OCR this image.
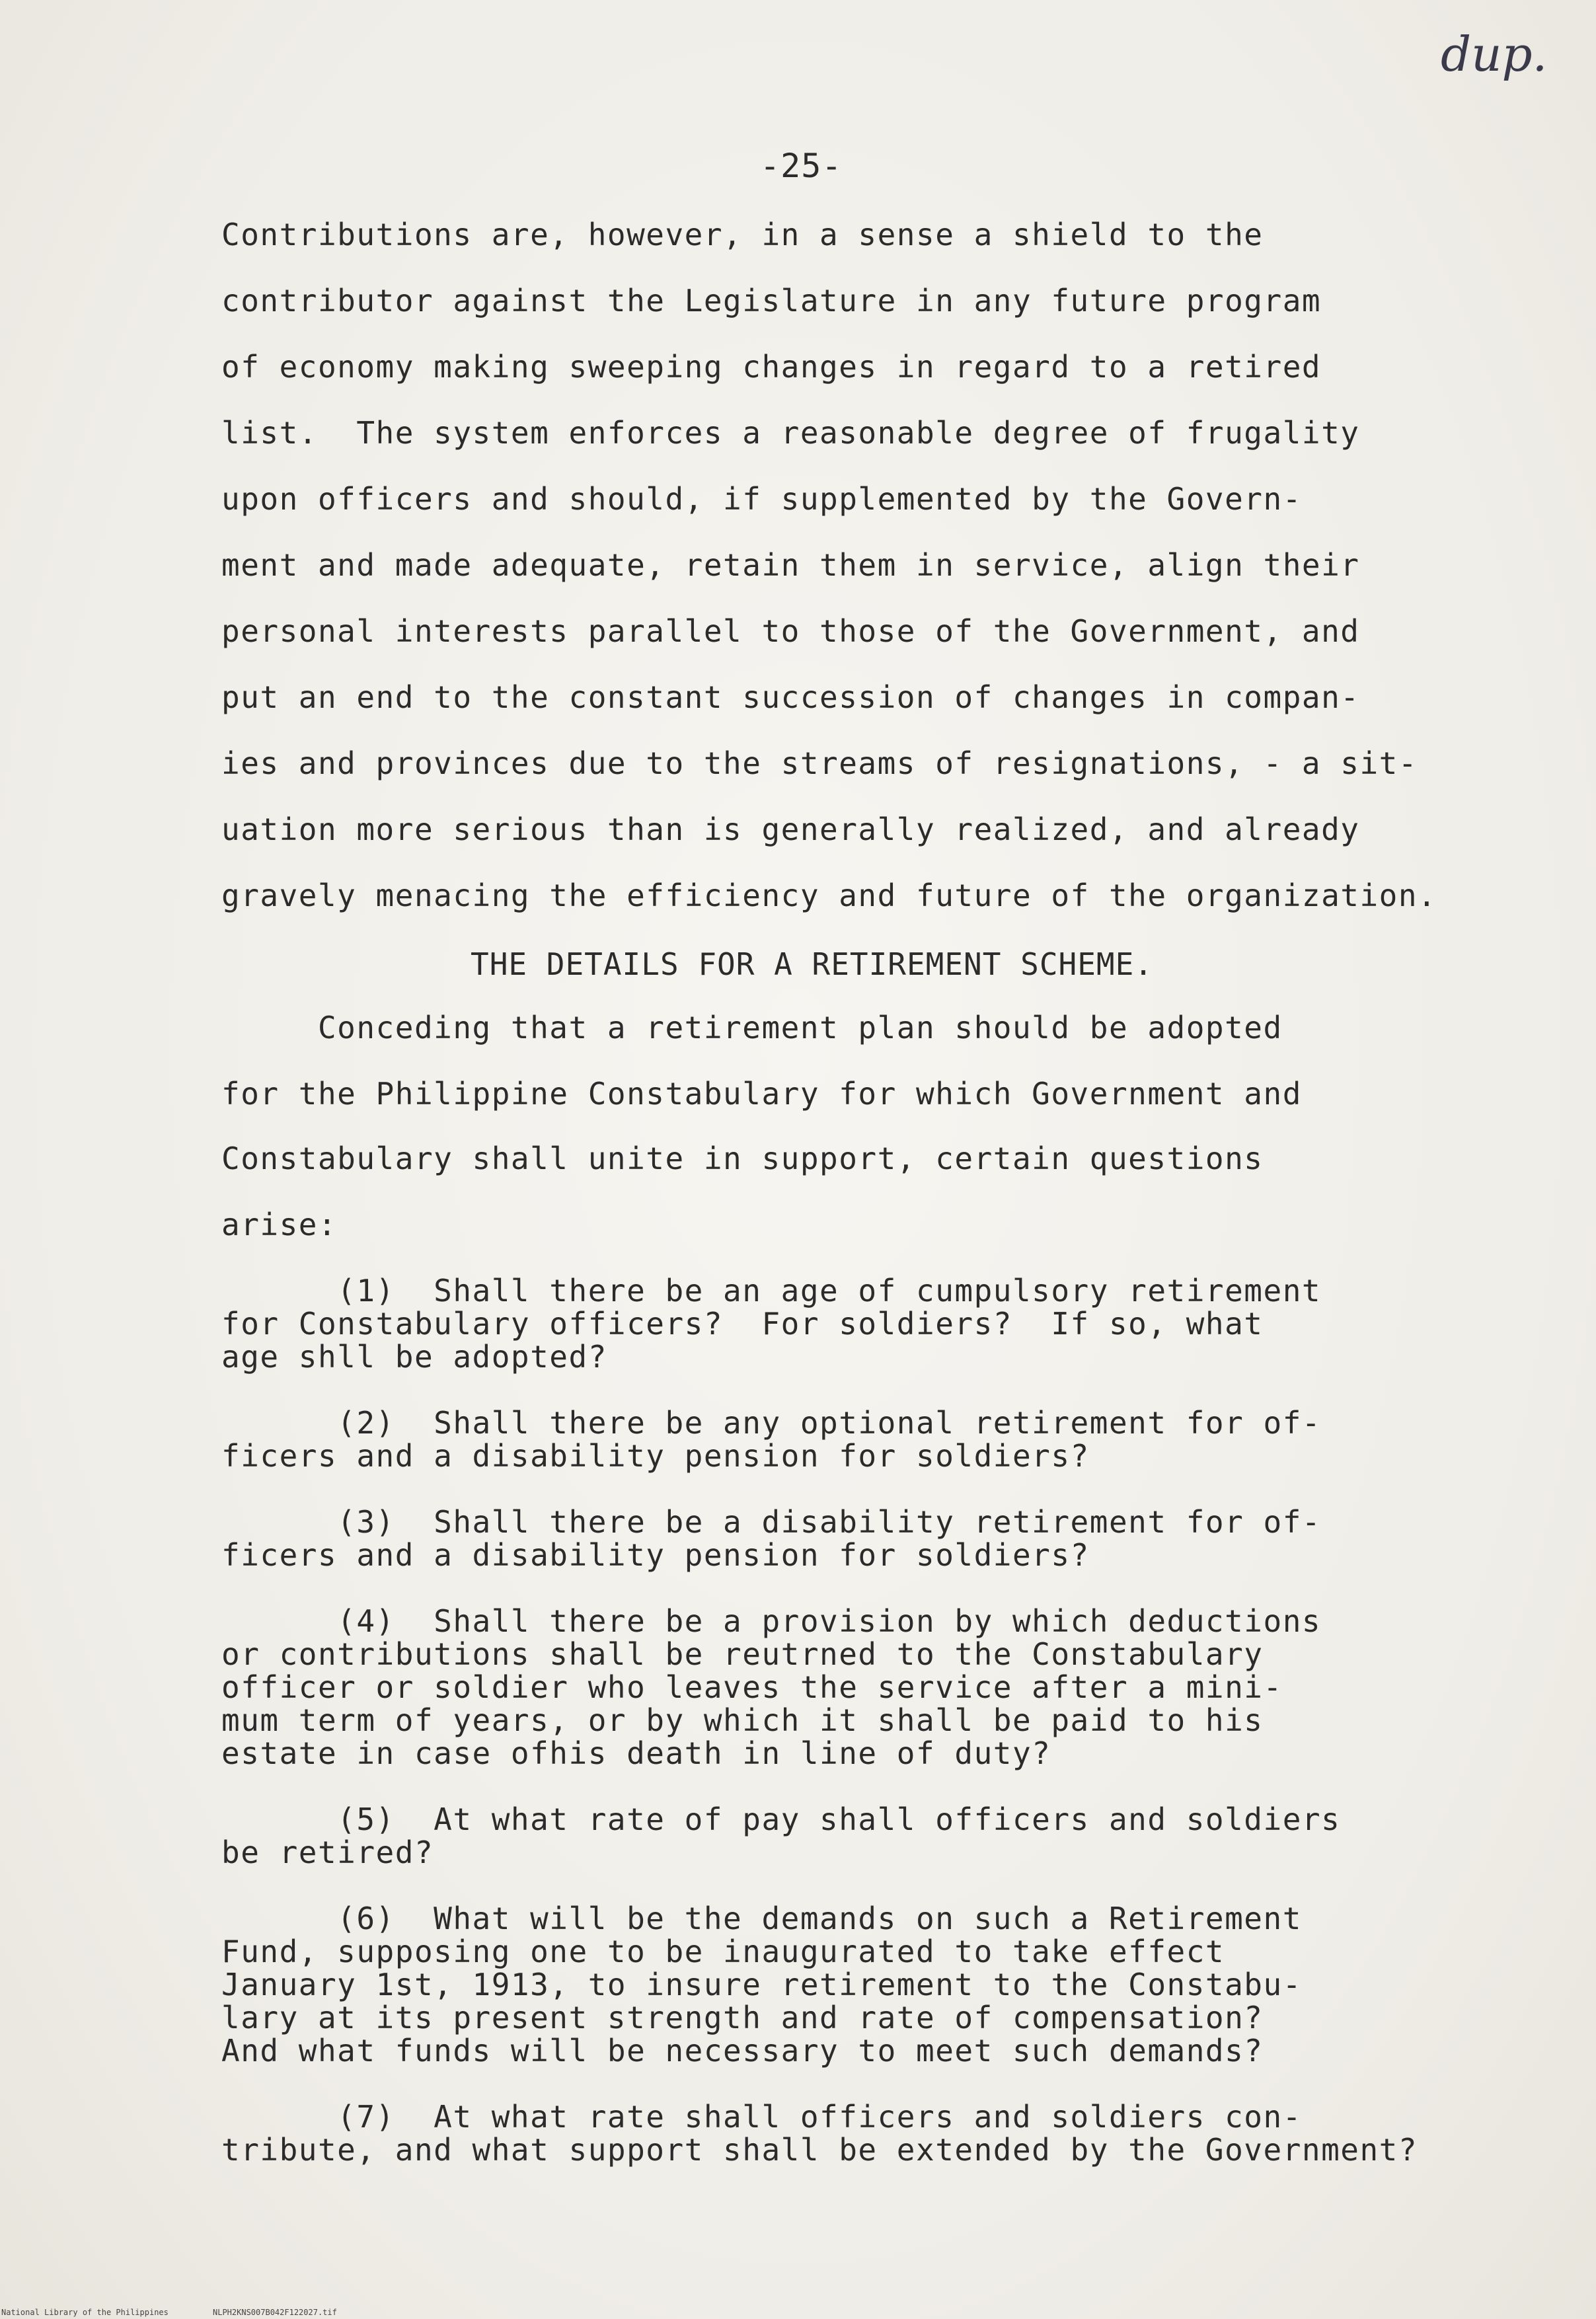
dup.
-25-

Contributions are, however, in a sense a shield to the

contributor against the Legislature in any future program

of economy making sweeping changes in regard to a retired

list.  The system enforces a reasonable degree of frugality

upon officers and should, if supplemented by the Govern-

ment and made adequate, retain them in service, align their

personal interests parallel to those of the Government, and

put an end to the constant succession of changes in compan-

ies and provinces due to the streams of resignations, - a sit-

uation more serious than is generally realized, and already

gravely menacing the efficiency and future of the organization.

THE DETAILS FOR A RETIREMENT SCHEME.

Conceding that a retirement plan should be adopted

for the Philippine Constabulary for which Government and

Constabulary shall unite in support, certain questions

arise:

(1)  Shall there be an age of cumpulsory retirement

for Constabulary officers?  For soldiers?  If so, what

age shll be adopted?

(2)  Shall there be any optional retirement for of-

ficers and a disability pension for soldiers?

(3)  Shall there be a disability retirement for of-

ficers and a disability pension for soldiers?

(4)  Shall there be a provision by which deductions

or contributions shall be reutrned to the Constabulary

officer or soldier who leaves the service after a mini-

mum term of years, or by which it shall be paid to his

estate in case ofhis death in line of duty?

(5)  At what rate of pay shall officers and soldiers

be retired?

(6)  What will be the demands on such a Retirement

Fund, supposing one to be inaugurated to take effect

January 1st, 1913, to insure retirement to the Constabu-

lary at its present strength and rate of compensation?

And what funds will be necessary to meet such demands?

(7)  At what rate shall officers and soldiers con-

tribute, and what support shall be extended by the Government?

National Library of the Philippines	NLPH2KNS007B042F122027.tif
